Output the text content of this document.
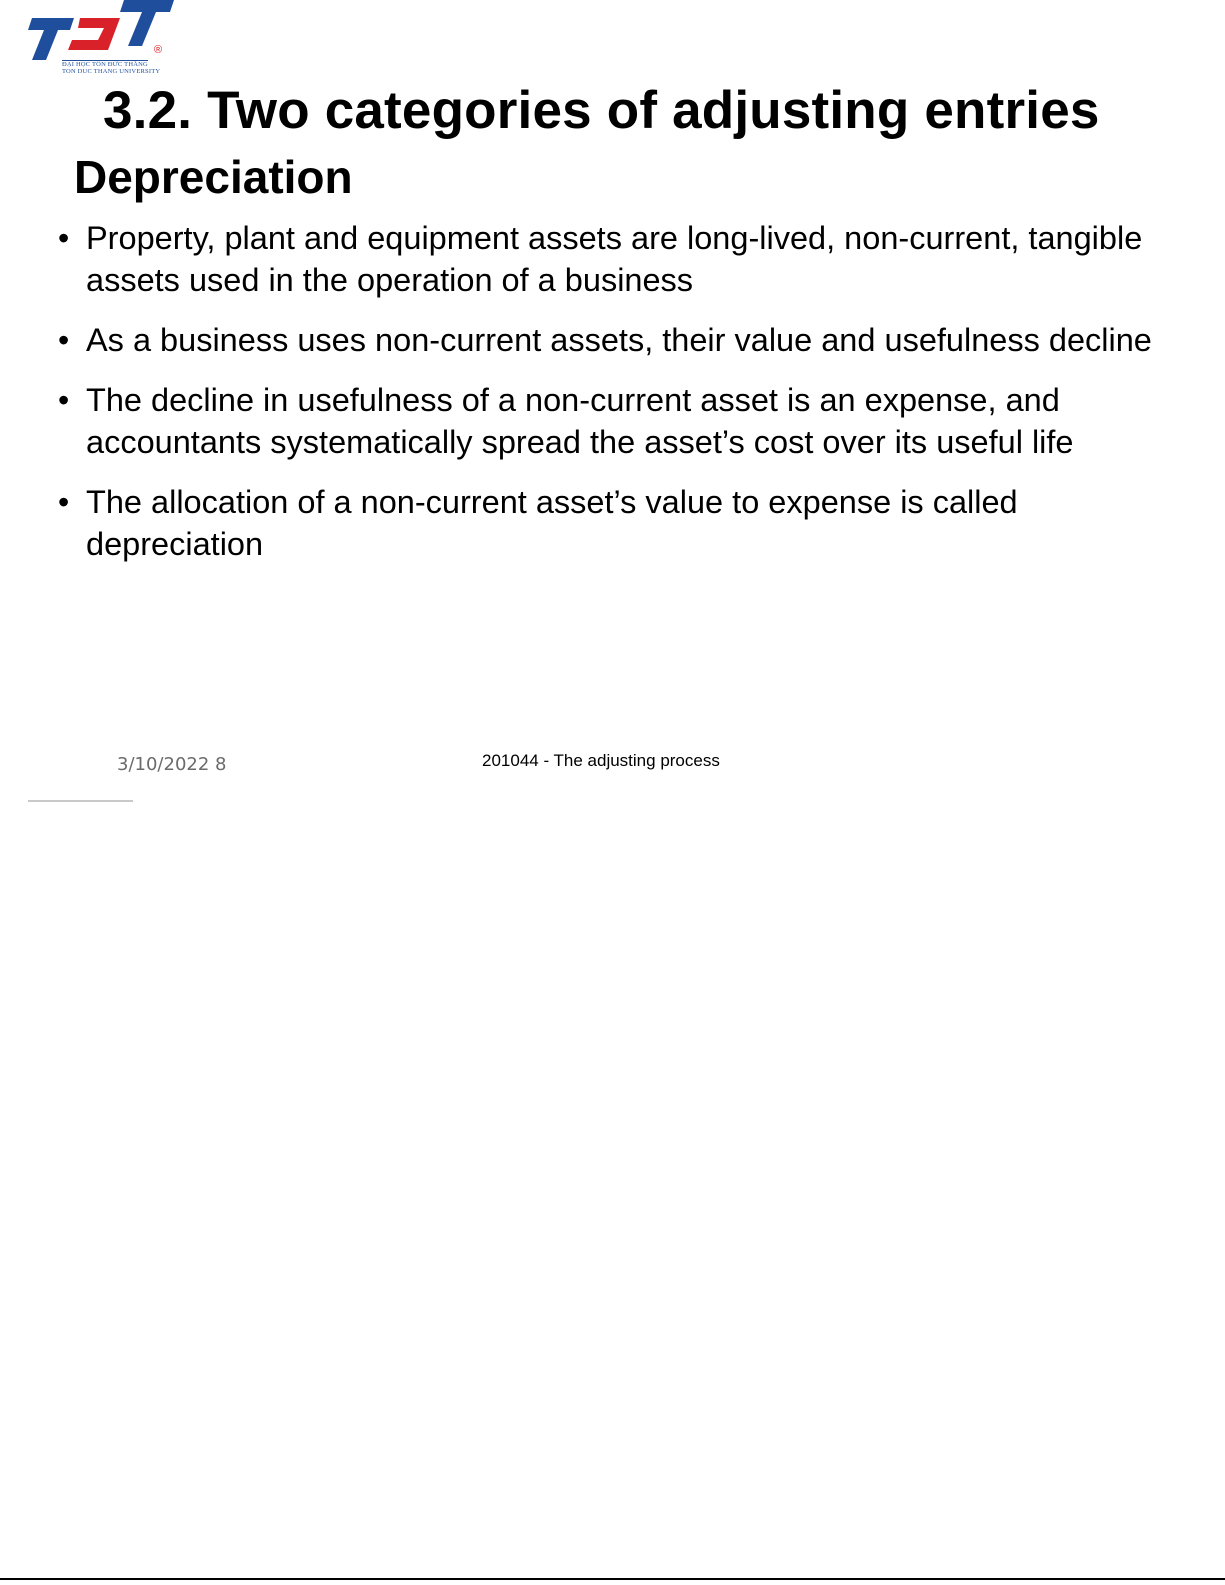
®
ĐẠI HỌC TÔN ĐỨC THẮNG
TON DUC THANG UNIVERSITY
3.2. Two categories of adjusting entries
Depreciation
• Property, plant and equipment assets are long-lived, non-current, tangible assets used in the operation of a business
• As a business uses non-current assets, their value and usefulness decline
• The decline in usefulness of a non-current asset is an expense, and accountants systematically spread the asset’s cost over its useful life
• The allocation of a non-current asset’s value to expense is called depreciation
3/10/2022 8	201044 - The adjusting process
